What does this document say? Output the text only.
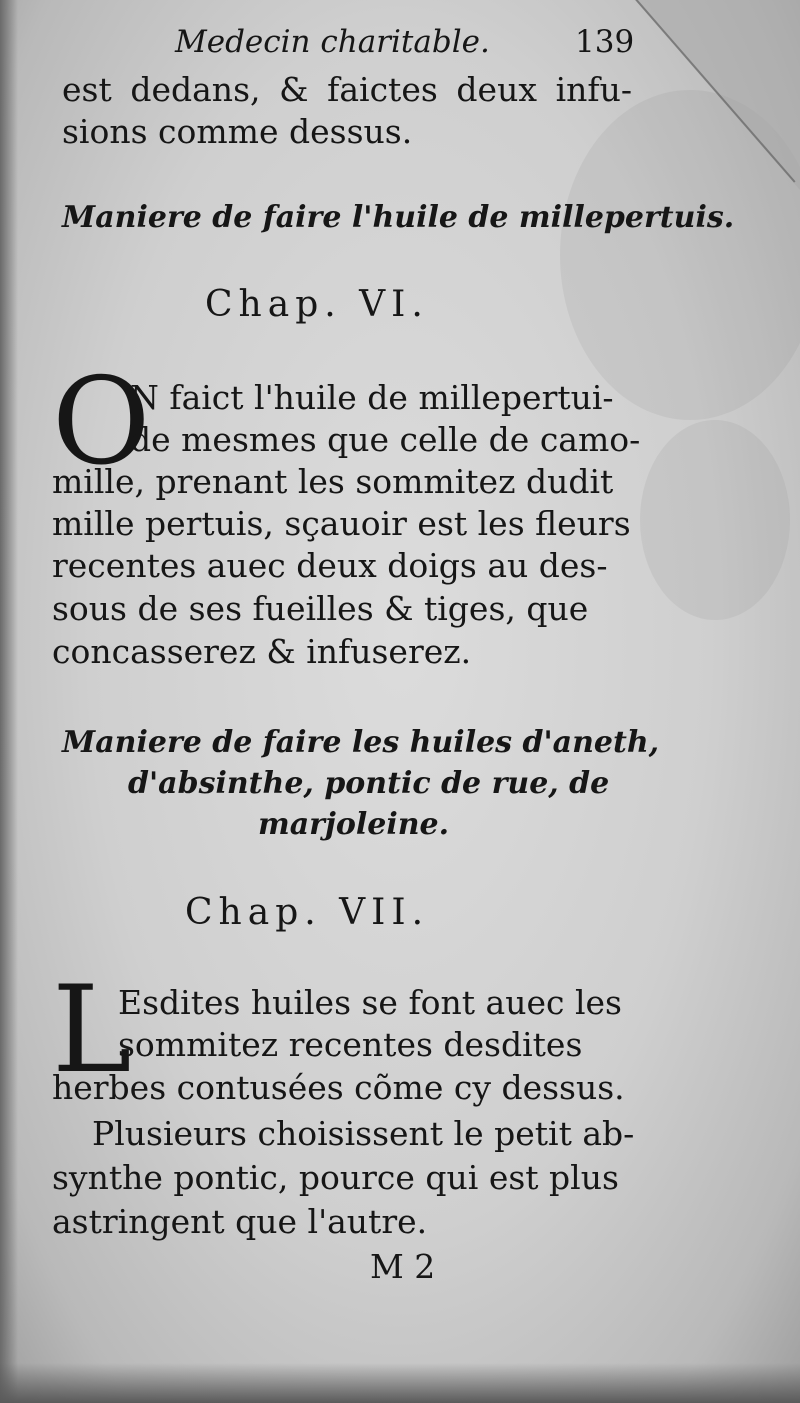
Medecin charitable.	139
est dedans, & faictes deux infu-
sions comme dessus.
Maniere de faire l'huile de millepertuis.
Chap. VI.
O
N faict l'huile de millepertui-
de mesmes que celle de camo-
mille, prenant les sommitez dudit
mille pertuis, sçauoir est les fleurs
recentes auec deux doigs au des-
sous de ses fueilles & tiges, que
concasserez & infuserez.
Maniere de faire les huiles d'aneth,
d'absinthe, pontic de rue, de
marjoleine.
Chap. VII.
L
Esdites huiles se font auec les
sommitez recentes desdites
herbes contusées cõme cy dessus.
Plusieurs choisissent le petit ab-
synthe pontic, pource qui est plus
astringent que l'autre.
M 2
